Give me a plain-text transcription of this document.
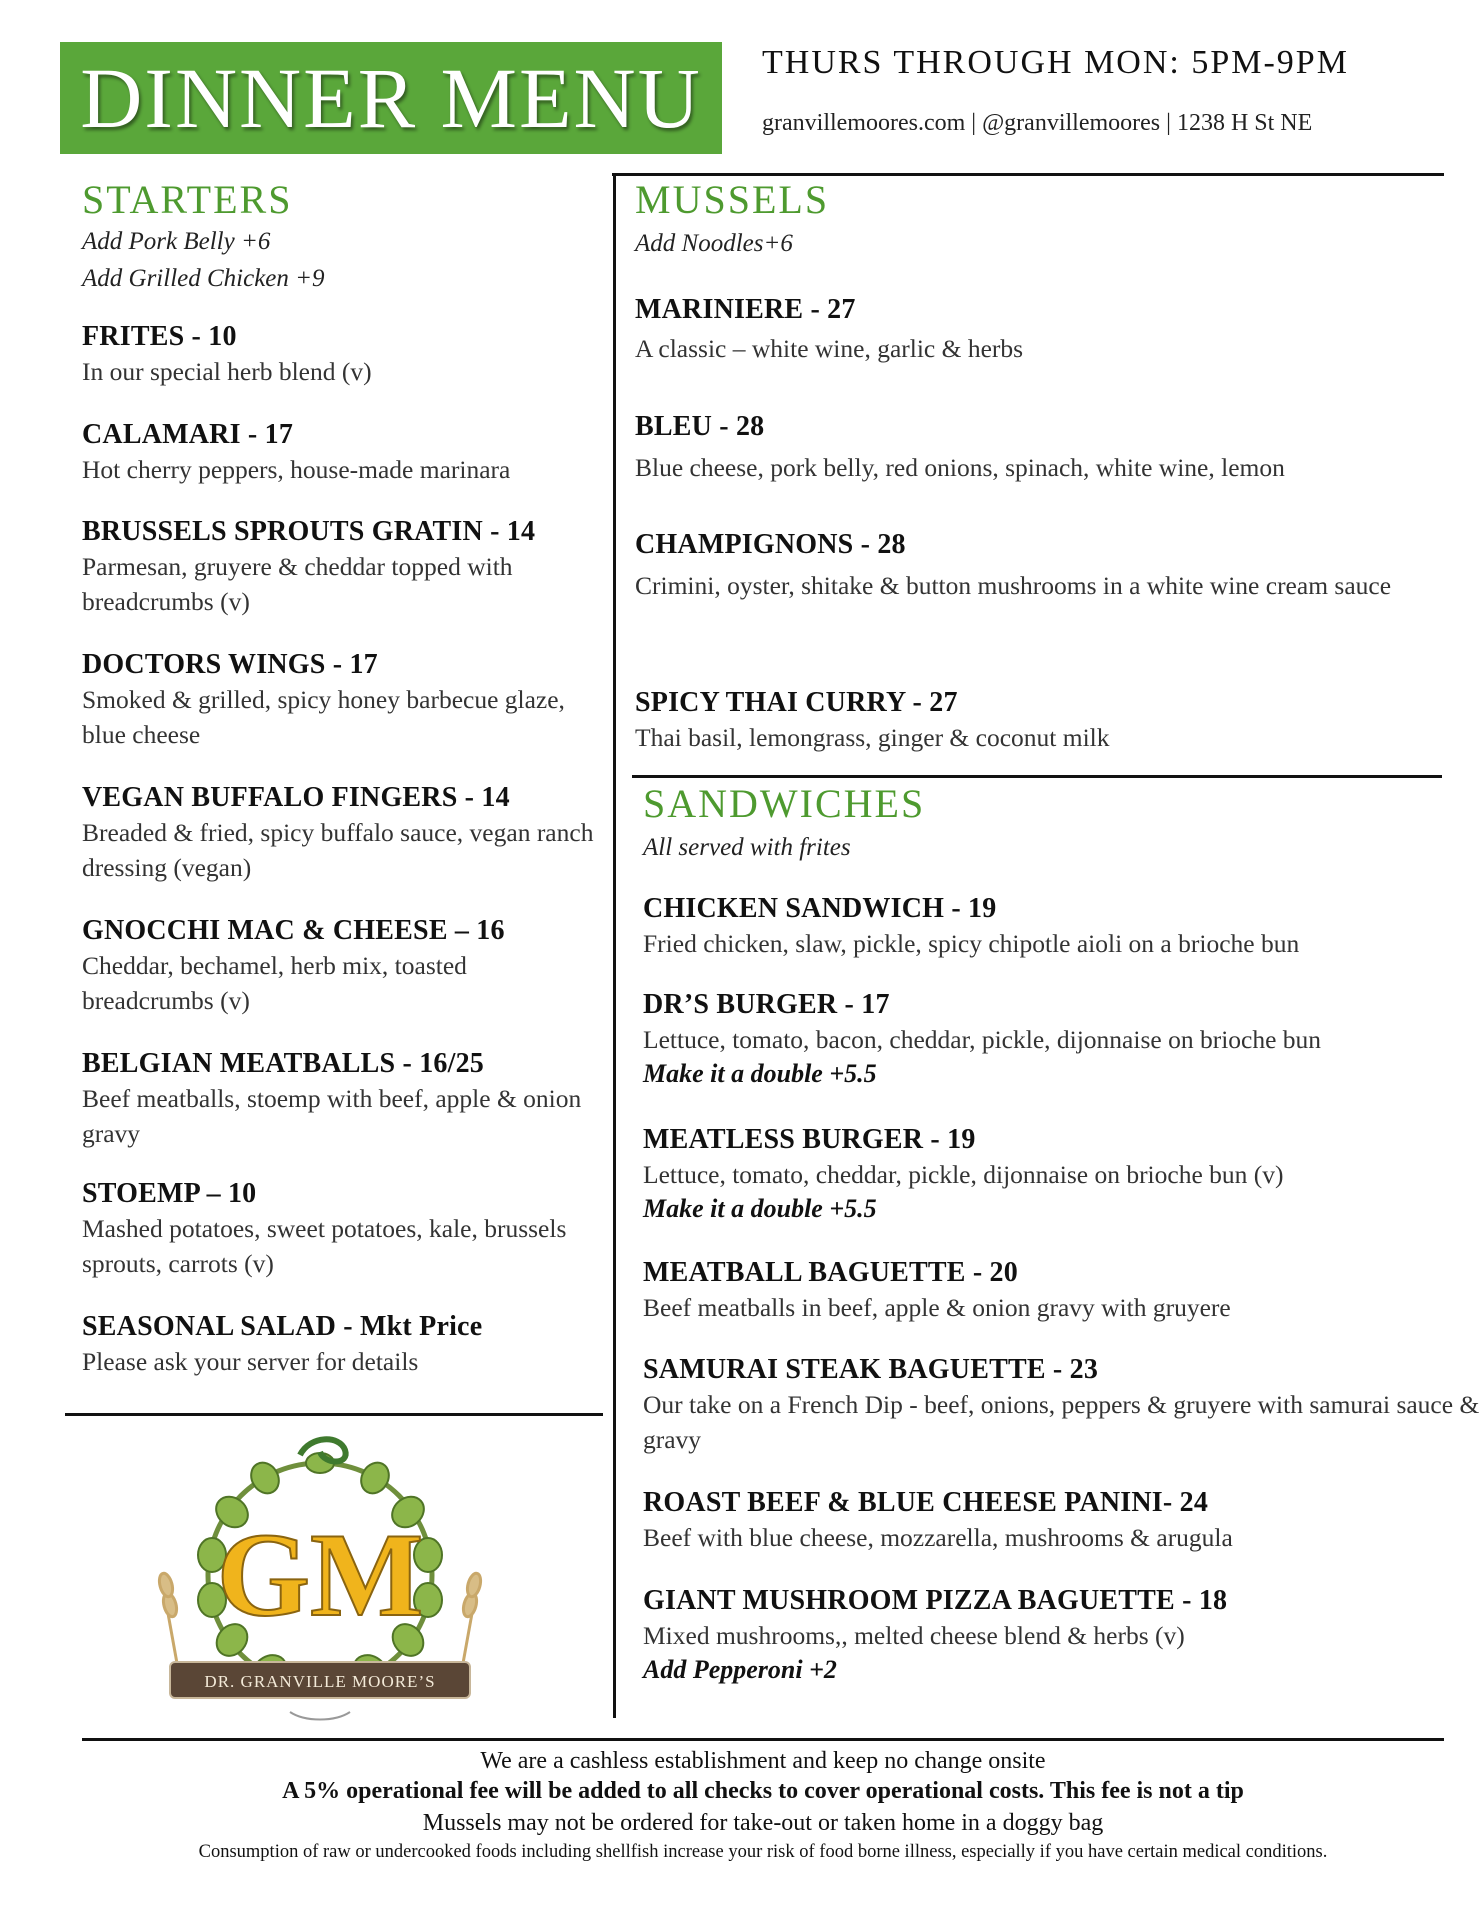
DINNER MENU THURS THROUGH MON: 5PM-9PM
granvillemoores.com | @granvillemoores | 1238 H St NE
STARTERS
Add Pork Belly +6
Add Grilled Chicken +9
FRITES - 10
In our special herb blend (v)
CALAMARI - 17
Hot cherry peppers, house-made marinara
BRUSSELS SPROUTS GRATIN - 14
Parmesan, gruyere & cheddar topped with breadcrumbs (v)
DOCTORS WINGS - 17
Smoked & grilled, spicy honey barbecue glaze, blue cheese
VEGAN BUFFALO FINGERS - 14
Breaded & fried, spicy buffalo sauce, vegan ranch dressing (vegan)
GNOCCHI MAC & CHEESE – 16
Cheddar, bechamel, herb mix, toasted breadcrumbs (v)
BELGIAN MEATBALLS - 16/25
Beef meatballs, stoemp with beef, apple & onion gravy
STOEMP – 10
Mashed potatoes, sweet potatoes, kale, brussels sprouts, carrots (v)
SEASONAL SALAD - Mkt Price
Please ask your server for details
GM
DR. GRANVILLE MOORE’S
MUSSELS
Add Noodles+6
MARINIERE - 27
A classic – white wine, garlic & herbs
BLEU - 28
Blue cheese, pork belly, red onions, spinach, white wine, lemon
CHAMPIGNONS - 28
Crimini, oyster, shitake & button mushrooms in a white wine cream sauce
SPICY THAI CURRY - 27
Thai basil, lemongrass, ginger & coconut milk
SANDWICHES
All served with frites
CHICKEN SANDWICH - 19
Fried chicken, slaw, pickle, spicy chipotle aioli on a brioche bun
DR’S BURGER - 17
Lettuce, tomato, bacon, cheddar, pickle, dijonnaise on brioche bun
Make it a double +5.5
MEATLESS BURGER - 19
Lettuce, tomato, cheddar, pickle, dijonnaise on brioche bun (v)
Make it a double +5.5
MEATBALL BAGUETTE - 20
Beef meatballs in beef, apple & onion gravy with gruyere
SAMURAI STEAK BAGUETTE - 23
Our take on a French Dip - beef, onions, peppers & gruyere with samurai sauce & gravy
ROAST BEEF & BLUE CHEESE PANINI- 24
Beef with blue cheese, mozzarella, mushrooms & arugula
GIANT MUSHROOM PIZZA BAGUETTE - 18
Mixed mushrooms,, melted cheese blend & herbs (v)
Add Pepperoni +2
We are a cashless establishment and keep no change onsite
A 5% operational fee will be added to all checks to cover operational costs. This fee is not a tip
Mussels may not be ordered for take-out or taken home in a doggy bag
Consumption of raw or undercooked foods including shellfish increase your risk of food borne illness, especially if you have certain medical conditions.
